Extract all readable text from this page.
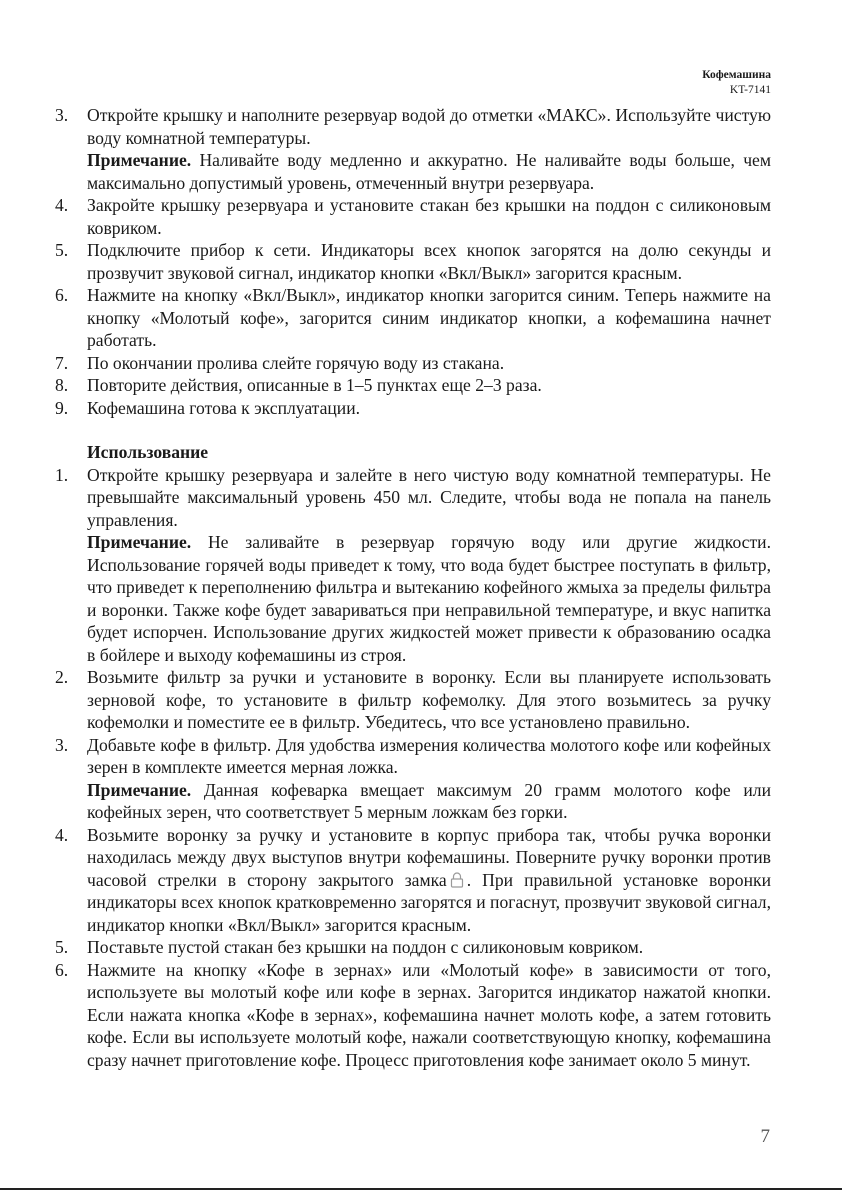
Кофемашина
KT-7141
3.	Откройте крышку и наполните резервуар водой до отметки «МАКС». Используйте чистую воду комнатной температуры.

Примечание. Наливайте воду медленно и аккуратно. Не наливайте воды больше, чем максимально допустимый уровень, отмеченный внутри резервуара.

4.	Закройте крышку резервуара и установите стакан без крышки на поддон с силиконовым ковриком.

5.	Подключите прибор к сети. Индикаторы всех кнопок загорятся на долю секунды и прозвучит звуковой сигнал, индикатор кнопки «Вкл/Выкл» загорится красным.

6.	Нажмите на кнопку «Вкл/Выкл», индикатор кнопки загорится синим. Теперь нажмите на кнопку «Молотый кофе», загорится синим индикатор кнопки, а кофемашина начнет работать.

7.	По окончании пролива слейте горячую воду из стакана.

8.	Повторите действия, описанные в 1–5 пунктах еще 2–3 раза.

9.	Кофемашина готова к эксплуатации.

Использование

1.	Откройте крышку резервуара и залейте в него чистую воду комнатной температуры. Не превышайте максимальный уровень 450 мл. Следите, чтобы вода не попала на панель управления.

Примечание. Не заливайте в резервуар горячую воду или другие жидкости. Использование горячей воды приведет к тому, что вода будет быстрее поступать в фильтр, что приведет к переполнению фильтра и вытеканию кофейного жмыха за пределы фильтра и воронки. Также кофе будет завариваться при неправильной температуре, и вкус напитка будет испорчен. Использование других жидкостей может привести к образованию осадка в бойлере и выходу кофемашины из строя.

2.	Возьмите фильтр за ручки и установите в воронку. Если вы планируете использовать зерновой кофе, то установите в фильтр кофемолку. Для этого возьмитесь за ручку кофемолки и поместите ее в фильтр. Убедитесь, что все установлено правильно.

3.	Добавьте кофе в фильтр. Для удобства измерения количества молотого кофе или кофейных зерен в комплекте имеется мерная ложка.

Примечание. Данная кофеварка вмещает максимум 20 грамм молотого кофе или кофейных зерен, что соответствует 5 мерным ложкам без горки.

4.	Возьмите воронку за ручку и установите в корпус прибора так, чтобы ручка воронки находилась между двух выступов внутри кофемашины. Поверните ручку воронки против часовой стрелки в сторону закрытого замка . При правильной установке воронки индикаторы всех кнопок кратковременно загорятся и погаснут, прозвучит звуковой сигнал, индикатор кнопки «Вкл/Выкл» загорится красным.

5.	Поставьте пустой стакан без крышки на поддон с силиконовым ковриком.

6.	Нажмите на кнопку «Кофе в зернах» или «Молотый кофе» в зависимости от того, используете вы молотый кофе или кофе в зернах. Загорится индикатор нажатой кнопки. Если нажата кнопка «Кофе в зернах», кофемашина начнет молоть кофе, а затем готовить кофе. Если вы используете молотый кофе, нажали соответствующую кнопку, кофемашина сразу начнет приготовление кофе. Процесс приготовления кофе занимает около 5 минут.

7
